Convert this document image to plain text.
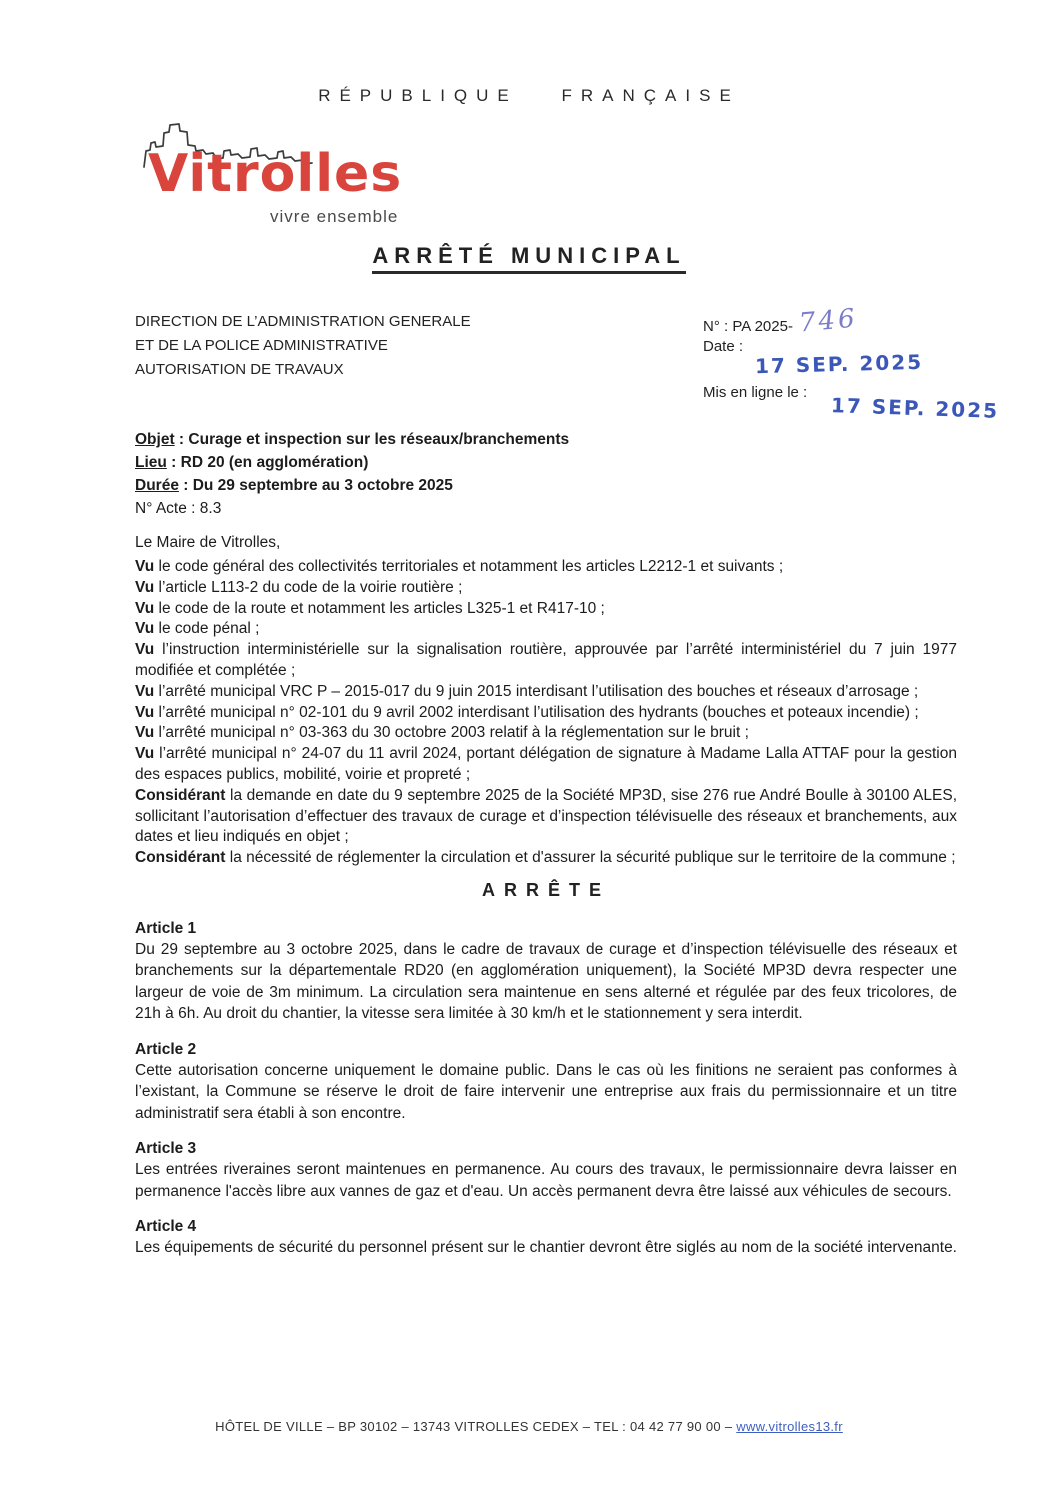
RÉPUBLIQUE FRANÇAISE
Vitrolles
vivre ensemble
ARRÊTÉ MUNICIPAL
DIRECTION DE L’ADMINISTRATION GENERALE
ET DE LA POLICE ADMINISTRATIVE
AUTORISATION DE TRAVAUX
N° : PA 2025- 746
Date :
17 SEP. 2025
Mis en ligne le :
17 SEP. 2025
Objet : Curage et inspection sur les réseaux/branchements
Lieu : RD 20 (en agglomération)
Durée : Du 29 septembre au 3 octobre 2025
N° Acte : 8.3
Le Maire de Vitrolles,

Vu le code général des collectivités territoriales et notamment les articles L2212-1 et suivants ;

Vu l’article L113-2 du code de la voirie routière ;

Vu le code de la route et notamment les articles L325-1 et R417-10 ;

Vu le code pénal ;

Vu l’instruction interministérielle sur la signalisation routière, approuvée par l’arrêté interministériel du 7 juin 1977 modifiée et complétée ;

Vu l’arrêté municipal VRC P – 2015-017 du 9 juin 2015 interdisant l’utilisation des bouches et réseaux d’arrosage ;

Vu l’arrêté municipal n° 02-101 du 9 avril 2002 interdisant l’utilisation des hydrants (bouches et poteaux incendie) ;

Vu l’arrêté municipal n° 03-363 du 30 octobre 2003 relatif à la réglementation sur le bruit ;

Vu l’arrêté municipal n° 24-07 du 11 avril 2024, portant délégation de signature à Madame Lalla ATTAF pour la gestion des espaces publics, mobilité, voirie et propreté ;

Considérant la demande en date du 9 septembre 2025 de la Société MP3D, sise 276 rue André Boulle à 30100 ALES, sollicitant l’autorisation d’effectuer des travaux de curage et d’inspection télévisuelle des réseaux et branchements, aux dates et lieu indiqués en objet ;

Considérant la nécessité de réglementer la circulation et d'assurer la sécurité publique sur le territoire de la commune ;

ARRÊTE
Article 1

Du 29 septembre au 3 octobre 2025, dans le cadre de travaux de curage et d’inspection télévisuelle des réseaux et branchements sur la départementale RD20 (en agglomération uniquement), la Société MP3D devra respecter une largeur de voie de 3m minimum. La circulation sera maintenue en sens alterné et régulée par des feux tricolores, de 21h à 6h. Au droit du chantier, la vitesse sera limitée à 30 km/h et le stationnement y sera interdit.

Article 2

Cette autorisation concerne uniquement le domaine public. Dans le cas où les finitions ne seraient pas conformes à l’existant, la Commune se réserve le droit de faire intervenir une entreprise aux frais du permissionnaire et un titre administratif sera établi à son encontre.

Article 3

Les entrées riveraines seront maintenues en permanence. Au cours des travaux, le permissionnaire devra laisser en permanence l'accès libre aux vannes de gaz et d'eau. Un accès permanent devra être laissé aux véhicules de secours.

Article 4

Les équipements de sécurité du personnel présent sur le chantier devront être siglés au nom de la société intervenante.

HÔTEL DE VILLE – BP 30102 – 13743 VITROLLES CEDEX – TEL : 04 42 77 90 00 – www.vitrolles13.fr
